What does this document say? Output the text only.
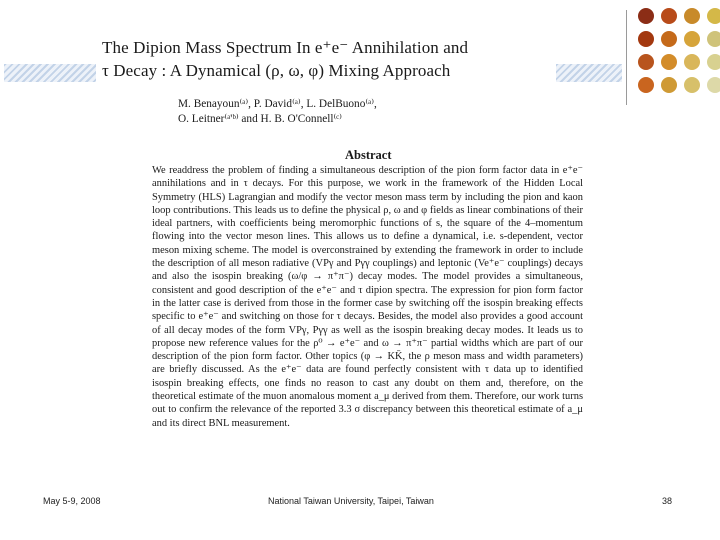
The Dipion Mass Spectrum In e⁺e⁻ Annihilation and
τ Decay : A Dynamical (ρ, ω, φ) Mixing Approach
M. Benayoun⁽ᵃ⁾, P. David⁽ᵃ⁾, L. DelBuono⁽ᵃ⁾,
O. Leitner⁽ᵃ'ᵇ⁾ and H. B. O'Connell⁽ᶜ⁾
Abstract
We readdress the problem of finding a simultaneous description of the pion form factor data in e⁺e⁻ annihilations and in τ decays. For this purpose, we work in the framework of the Hidden Local Symmetry (HLS) Lagrangian and modify the vector meson mass term by including the pion and kaon loop contributions. This leads us to define the physical ρ, ω and φ fields as linear combinations of their ideal partners, with coefficients being meromorphic functions of s, the square of the 4–momentum flowing into the vector meson lines. This allows us to define a dynamical, i.e. s-dependent, vector meson mixing scheme. The model is overconstrained by extending the framework in order to include the description of all meson radiative (VPγ and Pγγ couplings) and leptonic (Ve⁺e⁻ couplings) decays and also the isospin breaking (ω/φ → π⁺π⁻) decay modes. The model provides a simultaneous, consistent and good description of the e⁺e⁻ and τ dipion spectra. The expression for pion form factor in the latter case is derived from those in the former case by switching off the isospin breaking effects specific to e⁺e⁻ and switching on those for τ decays. Besides, the model also provides a good account of all decay modes of the form VPγ, Pγγ as well as the isospin breaking decay modes. It leads us to propose new reference values for the ρ⁰ → e⁺e⁻ and ω → π⁺π⁻ partial widths which are part of our description of the pion form factor. Other topics (φ → KK̄, the ρ meson mass and width parameters) are briefly discussed. As the e⁺e⁻ data are found perfectly consistent with τ data up to identified isospin breaking effects, one finds no reason to cast any doubt on them and, therefore, on the theoretical estimate of the muon anomalous moment a_μ derived from them. Therefore, our work turns out to confirm the relevance of the reported 3.3 σ discrepancy between this theoretical estimate of a_μ and its direct BNL measurement.
May 5-9, 2008	National Taiwan University, Taipei, Taiwan	38
